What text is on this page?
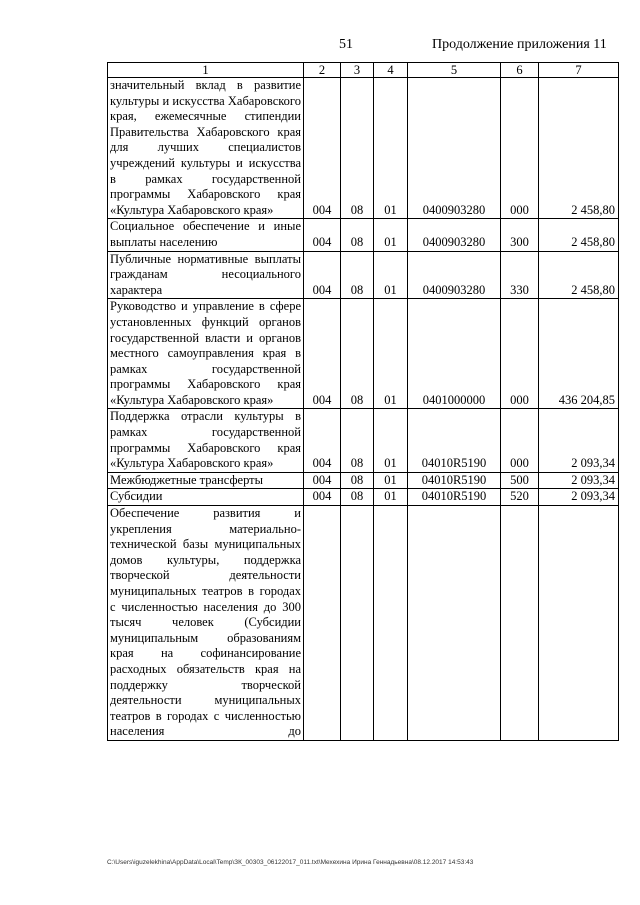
51	Продолжение приложения 11
1	2	3	4	5	6	7
значительный вклад в развитие культуры и искусства Хабаровского края, ежемесячные стипендии Правительства Хабаровского края для лучших специалистов учреждений культуры и искусства в рамках государственной программы Хабаровского края «Культура Хабаровского края»	004	08	01	0400903280	000	2 458,80
Социальное обеспечение и иные выплаты населению	004	08	01	0400903280	300	2 458,80
Публичные нормативные выплаты гражданам несоциального характера	004	08	01	0400903280	330	2 458,80
Руководство и управление в сфере установленных функций органов государственной власти и органов местного самоуправления края в рамках государственной программы Хабаровского края «Культура Хабаровского края»	004	08	01	0401000000	000	436 204,85
Поддержка отрасли культуры в рамках государственной программы Хабаровского края «Культура Хабаровского края»	004	08	01	04010R5190	000	2 093,34
Межбюджетные трансферты	004	08	01	04010R5190	500	2 093,34
Субсидии	004	08	01	04010R5190	520	2 093,34
Обеспечение развития и укрепления материально-технической базы муниципальных домов культуры, поддержка творческой деятельности муниципальных театров в городах с численностью населения до 300 тысяч человек (Субсидии муниципальным образованиям края на софинансирование расходных обязательств края на поддержку творческой деятельности муниципальных театров в городах с численностью населения до						
C:\Users\iguzelekhina\AppData\Local\Temp\ЗК_00303_06122017_011.txt\Мехехина Ирина Геннадьевна\08.12.2017 14:53:43
